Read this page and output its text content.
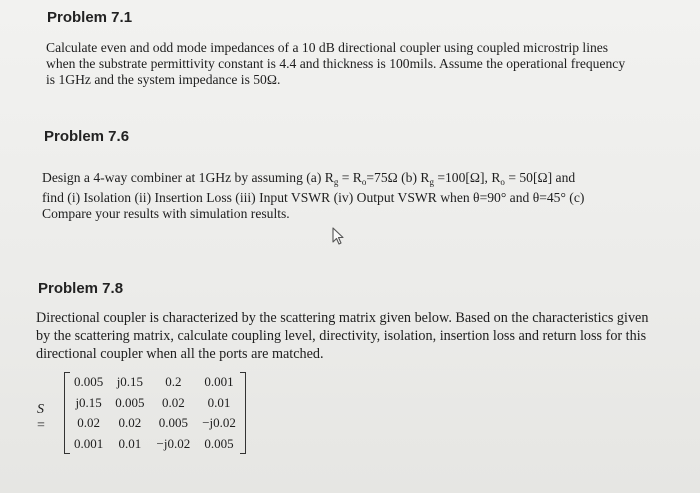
Problem 7.1

Calculate even and odd mode impedances of a 10 dB directional coupler using coupled microstrip lines
when the substrate permittivity constant is 4.4 and thickness is 100mils. Assume the operational frequency
is 1GHz and the system impedance is 50Ω.

Problem 7.6

Design a 4-way combiner at 1GHz by assuming (a) $R_g = R_o=75\Omega$ (b) $R_g =100[\Omega]$, $R_o = 50[\Omega]$ and
find (i) Isolation (ii) Insertion Loss (iii) Input VSWR (iv) Output VSWR when θ=90° and θ=45° (c)
Compare your results with simulation results.

Problem 7.8

Directional coupler is characterized by the scattering matrix given below. Based on the characteristics given
by the scattering matrix, calculate coupling level, directivity, isolation, insertion loss and return loss for this
directional coupler when all the ports are matched.

S =
0.005	j0.15	0.2	0.001
j0.15	0.005	0.02	0.01
0.02	0.02	0.005	−j0.02
0.001	0.01	−j0.02	0.005
